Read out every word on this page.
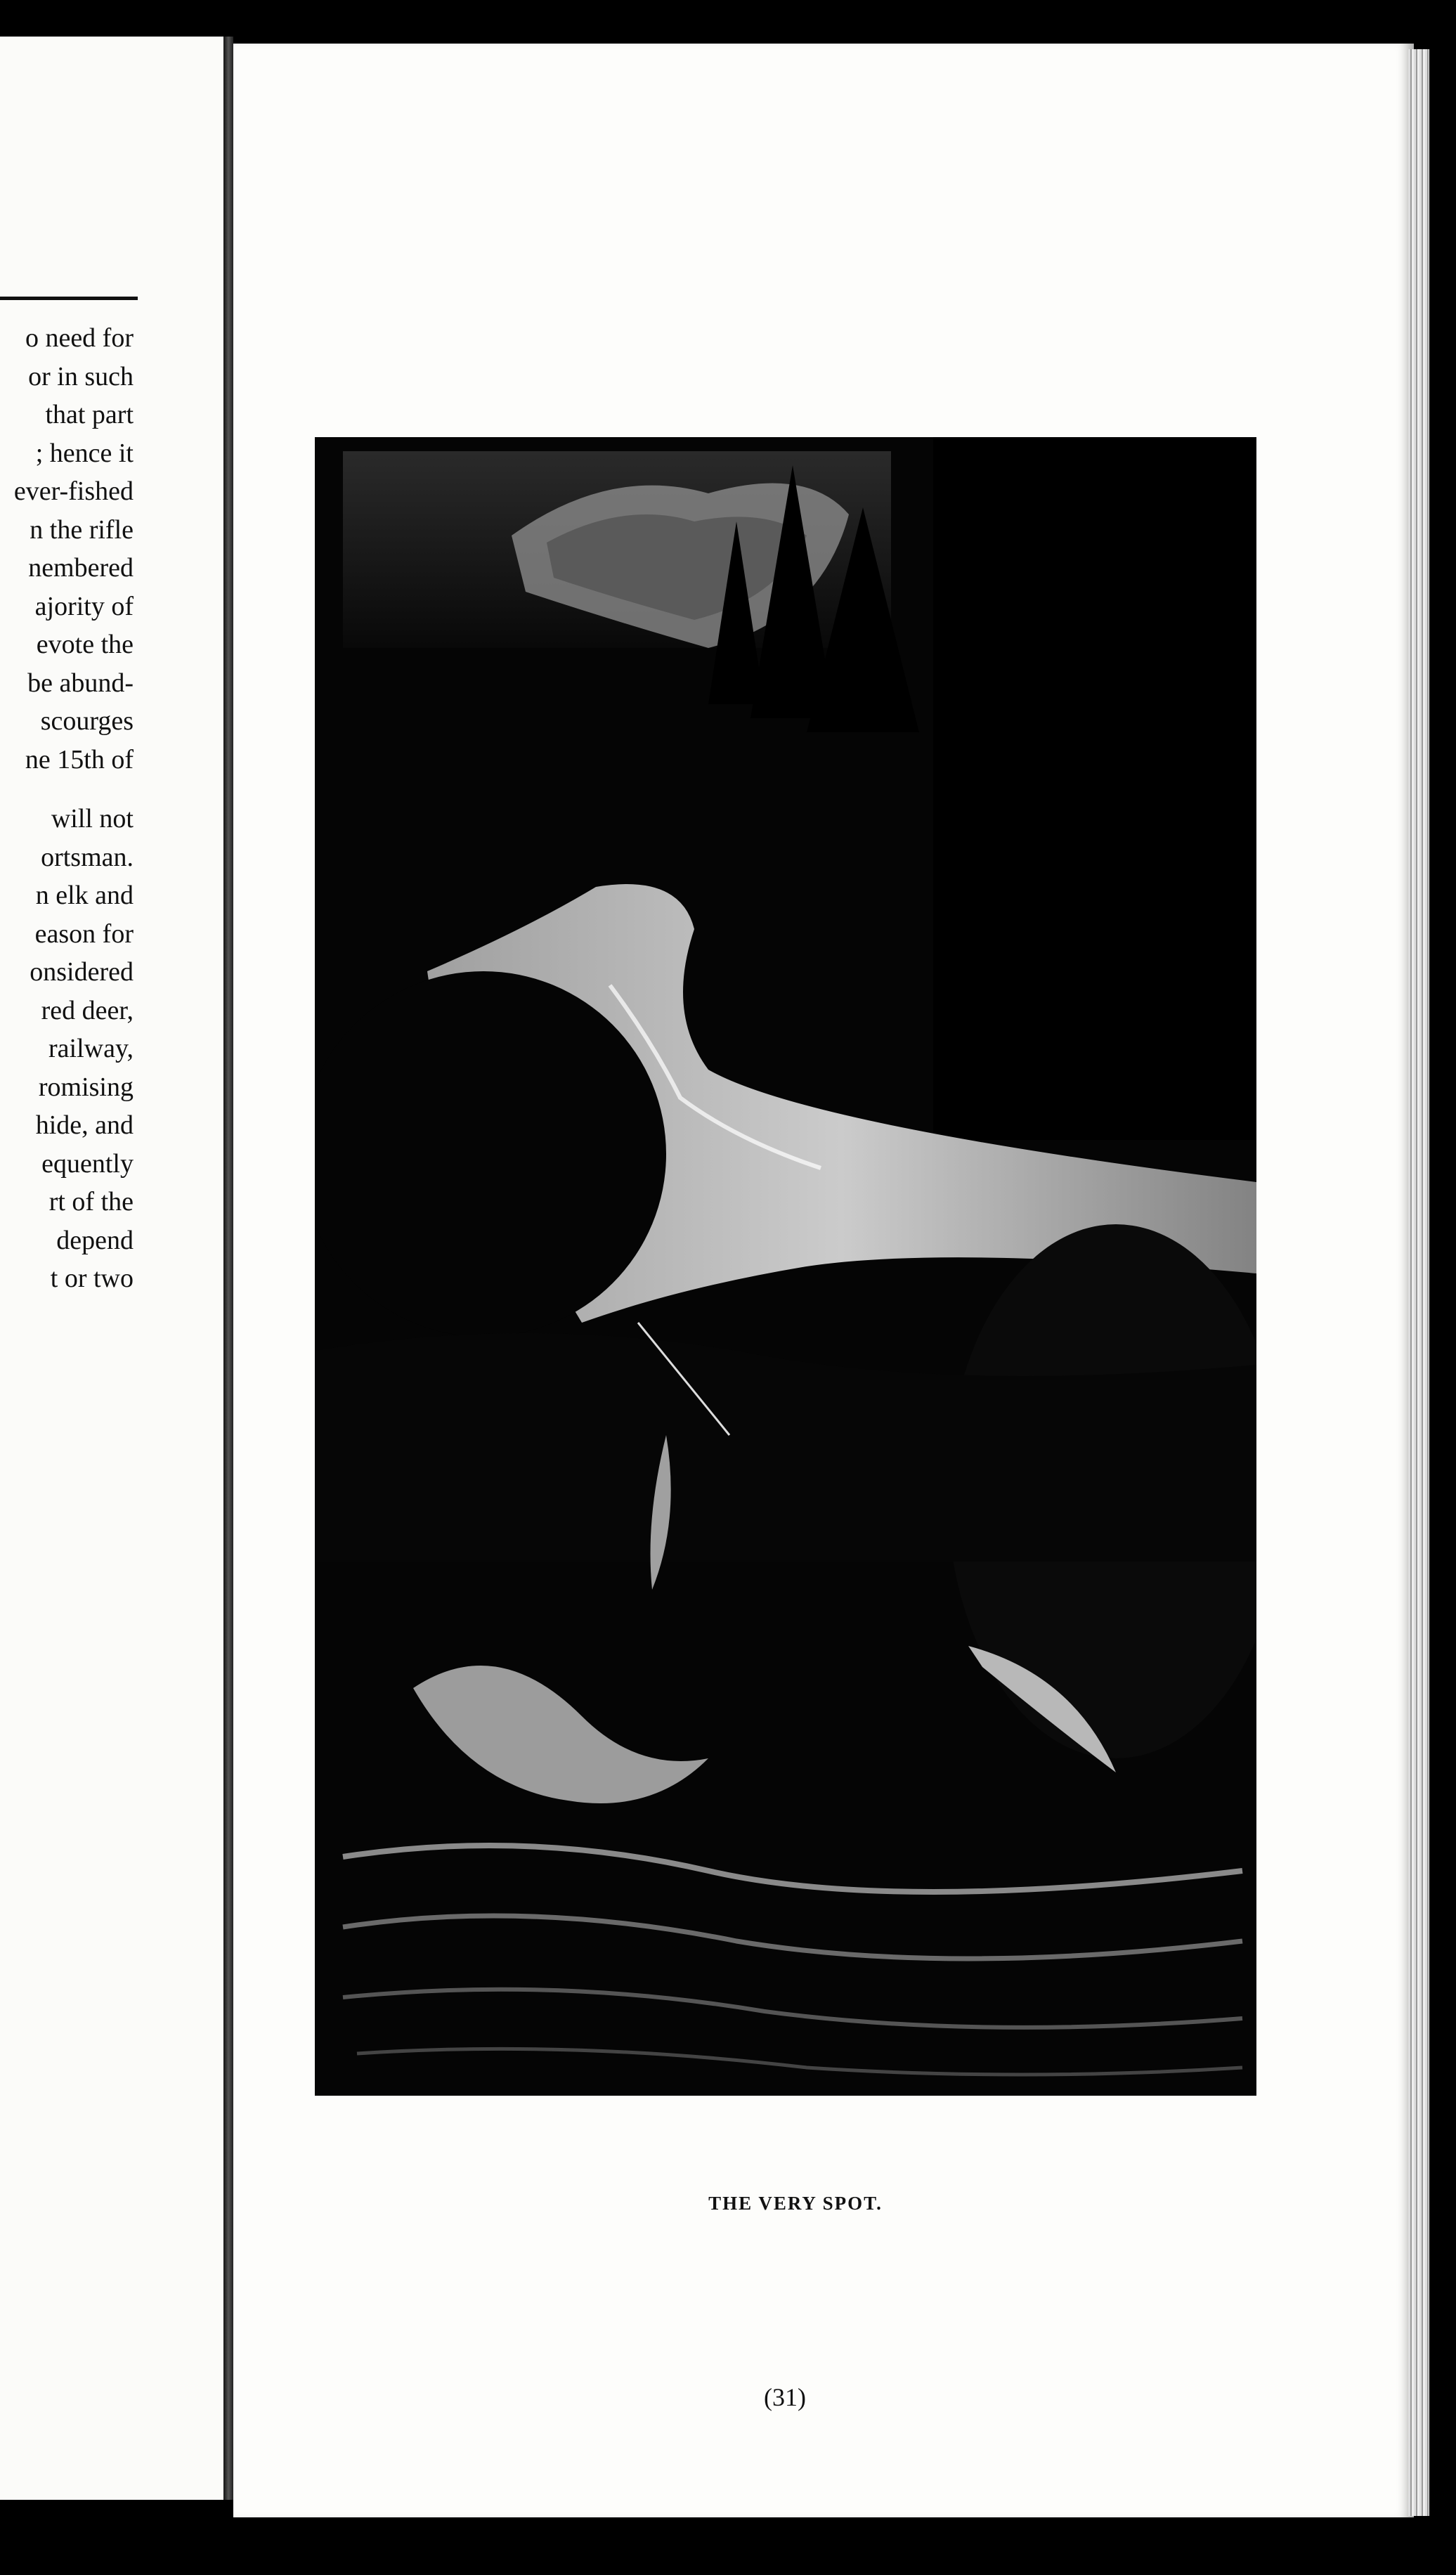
o need for
or in such
that part
; hence it
ever-fished
n the rifle
nembered
ajority of
evote the
be abund-
scourges
ne 15th of
will not
ortsman.
n elk and
eason for
onsidered
red deer,
railway,
romising
hide, and
equently
rt of the
depend
t or two
THE VERY SPOT.
(31)
